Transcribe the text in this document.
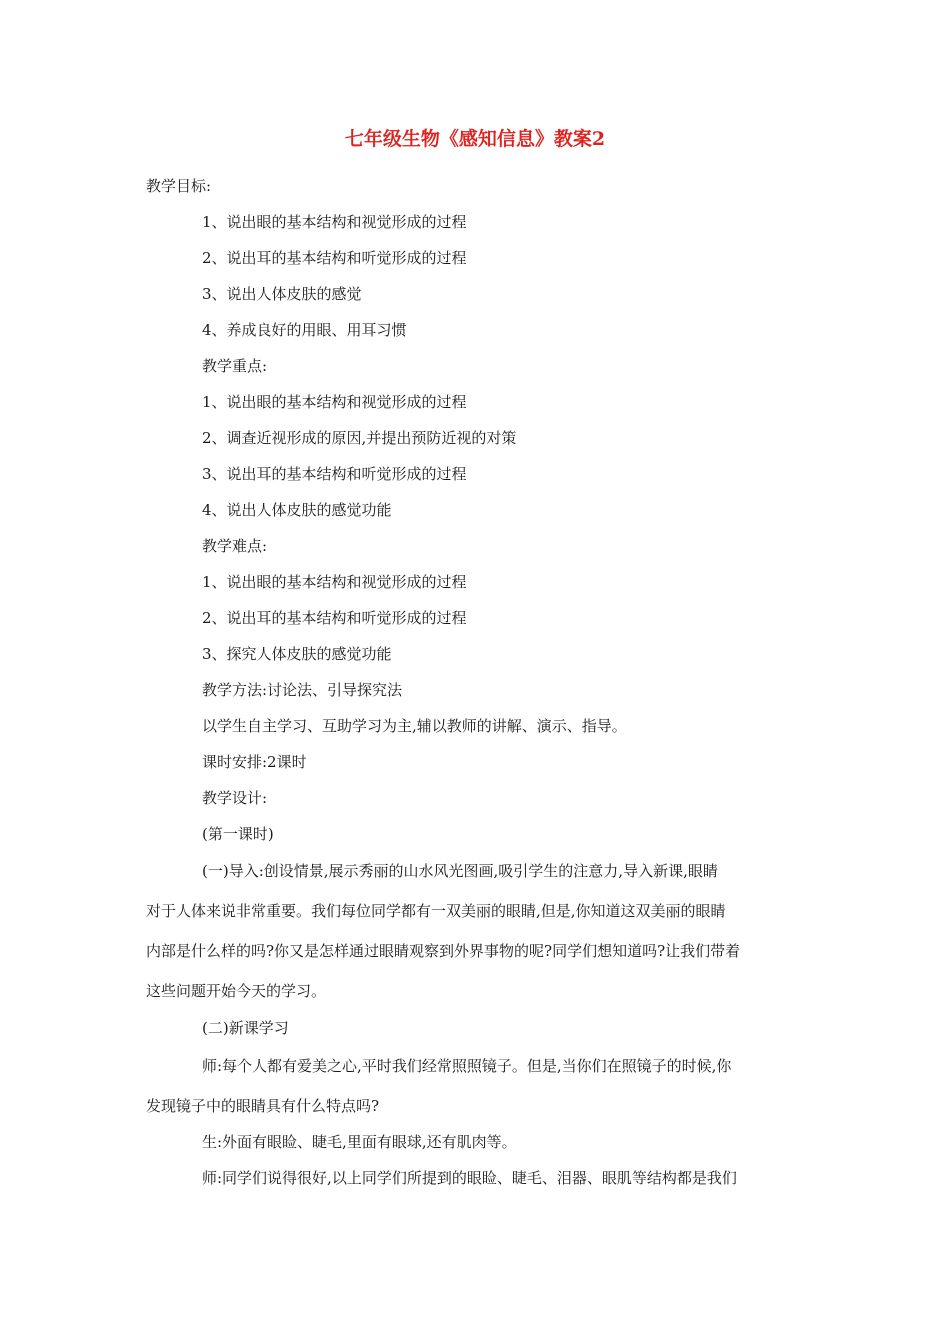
七年级生物《感知信息》教案2
教学目标:
1、说出眼的基本结构和视觉形成的过程
2、说出耳的基本结构和听觉形成的过程
3、说出人体皮肤的感觉
4、养成良好的用眼、用耳习惯
教学重点:
1、说出眼的基本结构和视觉形成的过程
2、调查近视形成的原因,并提出预防近视的对策
3、说出耳的基本结构和听觉形成的过程
4、说出人体皮肤的感觉功能
教学难点:
1、说出眼的基本结构和视觉形成的过程
2、说出耳的基本结构和听觉形成的过程
3、探究人体皮肤的感觉功能
教学方法:讨论法、引导探究法
以学生自主学习、互助学习为主,辅以教师的讲解、演示、指导。
课时安排:2课时
教学设计:
(第一课时)
(一)导入:创设情景,展示秀丽的山水风光图画,吸引学生的注意力,导入新课,眼睛
对于人体来说非常重要。我们每位同学都有一双美丽的眼睛,但是,你知道这双美丽的眼睛
内部是什么样的吗?你又是怎样通过眼睛观察到外界事物的呢?同学们想知道吗?让我们带着
这些问题开始今天的学习。
(二)新课学习
师:每个人都有爱美之心,平时我们经常照照镜子。但是,当你们在照镜子的时候,你
发现镜子中的眼睛具有什么特点吗?
生:外面有眼睑、睫毛,里面有眼球,还有肌肉等。
师:同学们说得很好,以上同学们所提到的眼睑、睫毛、泪器、眼肌等结构都是我们
